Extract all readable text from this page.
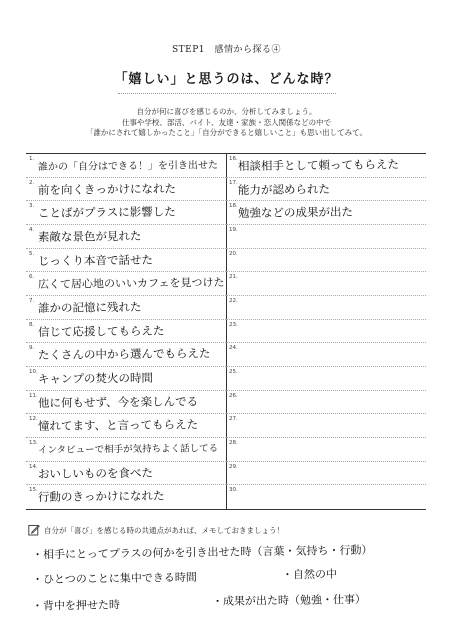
STEP1　感情から探る④
「嬉しい」と思うのは、どんな時？
自分が何に喜びを感じるのか、分析してみましょう。
仕事や学校、部活、バイト、友達・家族・恋人関係などの中で
「誰かにされて嬉しかったこと」「自分ができると嬉しいこと」も思い出してみて。
1.
誰かの「自分はできる！」を引き出せた
2. 前を向くきっかけになれた
3. ことばがプラスに影響した
4. 素敵な景色が見れた
5. じっくり本音で話せた
6. 広くて居心地のいいカフェを見つけた
7. 誰かの記憶に残れた
8. 信じて応援してもらえた
9. たくさんの中から選んでもらえた
10. キャンプの焚火の時間
11. 他に何もせず、今を楽しんでる
12. 憧れてます、と言ってもらえた
13.
インタビューで相手が気持ちよく話してる
14. おいしいものを食べた
15. 行動のきっかけになれた
16. 相談相手として頼ってもらえた
17. 能力が認められた
18. 勉強などの成果が出た
19.
20.
21.
22.
23.
24.
25.
26.
27.
28.
29.
30.
自分が「喜び」を感じる時の共通点があれば、メモしておきましょう！
・相手にとってプラスの何かを引き出せた時（言葉・気持ち・行動）
・ひとつのことに集中できる時間	・自然の中
・背中を押せた時	・成果が出た時（勉強・仕事）
